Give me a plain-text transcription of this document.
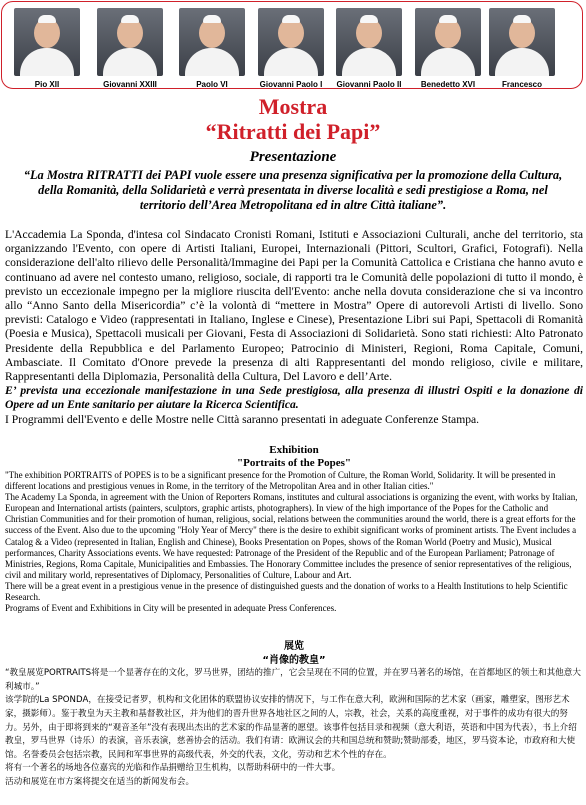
Pio XII	Giovanni XXIII	Paolo VI	Giovanni Paolo I	Giovanni Paolo II	Benedetto XVI	Francesco
Mostra
“Ritratti dei Papi”
Presentazione
“La Mostra RITRATTI dei PAPI vuole essere una presenza significativa per la promozione della Cultura, della Romanità, della Solidarietà e verrà presentata in diverse località e sedi prestigiose a Roma, nel territorio dell’Area Metropolitana ed in altre Città italiane”.

L'Accademia La Sponda, d'intesa col Sindacato Cronisti Romani, Istituti e Associazioni Culturali, anche del territorio, sta organizzando l'Evento, con opere di Artisti Italiani, Europei, Internazionali (Pittori, Scultori, Grafici, Fotografi). Nella considerazione dell'alto rilievo delle Personalità/Immagine dei Papi per la Comunità Cattolica e Cristiana che hanno avuto e continuano ad avere nel contesto umano, religioso, sociale, di rapporti tra le Comunità delle popolazioni di tutto il mondo, è previsto un eccezionale impegno per la migliore riuscita dell'Evento: anche nella dovuta considerazione che si va incontro allo “Anno Santo della Misericordia” c’è la volontà di “mettere in Mostra” Opere di autorevoli Artisti di livello. Sono previsti: Catalogo e Video (rappresentati in Italiano, Inglese e Cinese), Presentazione Libri sui Papi, Spettacoli di Romanità (Poesia e Musica), Spettacoli musicali per Giovani, Festa di Associazioni di Solidarietà. Sono stati richiesti: Alto Patronato Presidente della Repubblica e del Parlamento Europeo; Patrocinio di Ministeri, Regioni, Roma Capitale, Comuni, Ambasciate. Il Comitato d'Onore prevede la presenza di alti Rappresentanti del mondo religioso, civile e militare, Rappresentanti della Diplomazia, Personalità della Cultura, Del Lavoro e dell’Arte.

E’ prevista una eccezionale manifestazione in una Sede prestigiosa, alla presenza di illustri Ospiti e la donazione di Opere ad un Ente sanitario per aiutare la Ricerca Scientifica.

I Programmi dell'Evento e delle Mostre nelle Città saranno presentati in adeguate Conferenze Stampa.

Exhibition
"Portraits of the Popes"

"The exhibition PORTRAITS of POPES is to be a significant presence for the Promotion of Culture, the Roman World, Solidarity. It will be presented in different locations and prestigious venues in Rome, in the territory of the Metropolitan Area and in other Italian cities."

The Academy La Sponda, in agreement with the Union of Reporters Romans, institutes and cultural associations is organizing the event, with works by Italian, European and International artists (painters, sculptors, graphic artists, photographers). In view of the high importance of the Popes for the Catholic and Christian Communities and for their promotion of human, religious, social, relations between the communities around the world, there is a great efforts for the success of the Event. Also due to the upcoming "Holy Year of Mercy" there is the desire to exhibit significant works of prominent artists. The Event includes a Catalog & a Video (represented in Italian, English and Chinese), Books Presentation on Popes, shows of the Roman World (Poetry and Music), Musical performances, Charity Associations events. We have requested: Patronage of the President of the Republic and of the European Parliament; Patronage of Ministries, Regions, Roma Capitale, Municipalities and Embassies. The Honorary Committee includes the presence of senior representatives of the religious, civil and military world, representatives of Diplomacy, Personalities of Culture, Labour and Art.

There will be a great event in a prestigious venue in the presence of distinguished guests and the donation of works to a Health Institutions to help Scientific Research.

Programs of Event and Exhibitions in City will be presented in adequate Press Conferences.

展览
“肖像的教皇”

“教皇展览PORTRAITS将是一个显著存在的文化，罗马世界，团结的推广，它会呈现在不同的位置，并在罗马著名的场馆，在首都地区的领土和其他意大利城市。”

该学院的La SPONDA，在接受记者罗，机构和文化团体的联盟协议安排的情况下，与工作在意大利，欧洲和国际的艺术家（画家，雕塑家，图形艺术家，摄影师）。鉴于教皇为天主教和基督教社区，并为他们的晋升世界各地社区之间的人，宗教，社会，关系的高度重视，对于事件的成功有很大的努力。另外，由于即将到来的“观音圣年”没有表现出杰出的艺术家的作品显著的愿望。该事件包括目录和视频（意大利语，英语和中国为代表），书上介绍教皇，罗马世界（诗乐）的表演，音乐表演，慈善协会的活动。我们有请：欧洲议会的共和国总统和赞助;赞助部委，地区，罗马资本论，市政府和大使馆。名誉委员会包括宗教，民间和军事世界的高级代表，外交的代表，文化，劳动和艺术个性的存在。

将有一个著名的场地各位嘉宾的光临和作品捐赠给卫生机构，以帮助科研中的一件大事。

活动和展览在市方案将提交在适当的新闻发布会。
